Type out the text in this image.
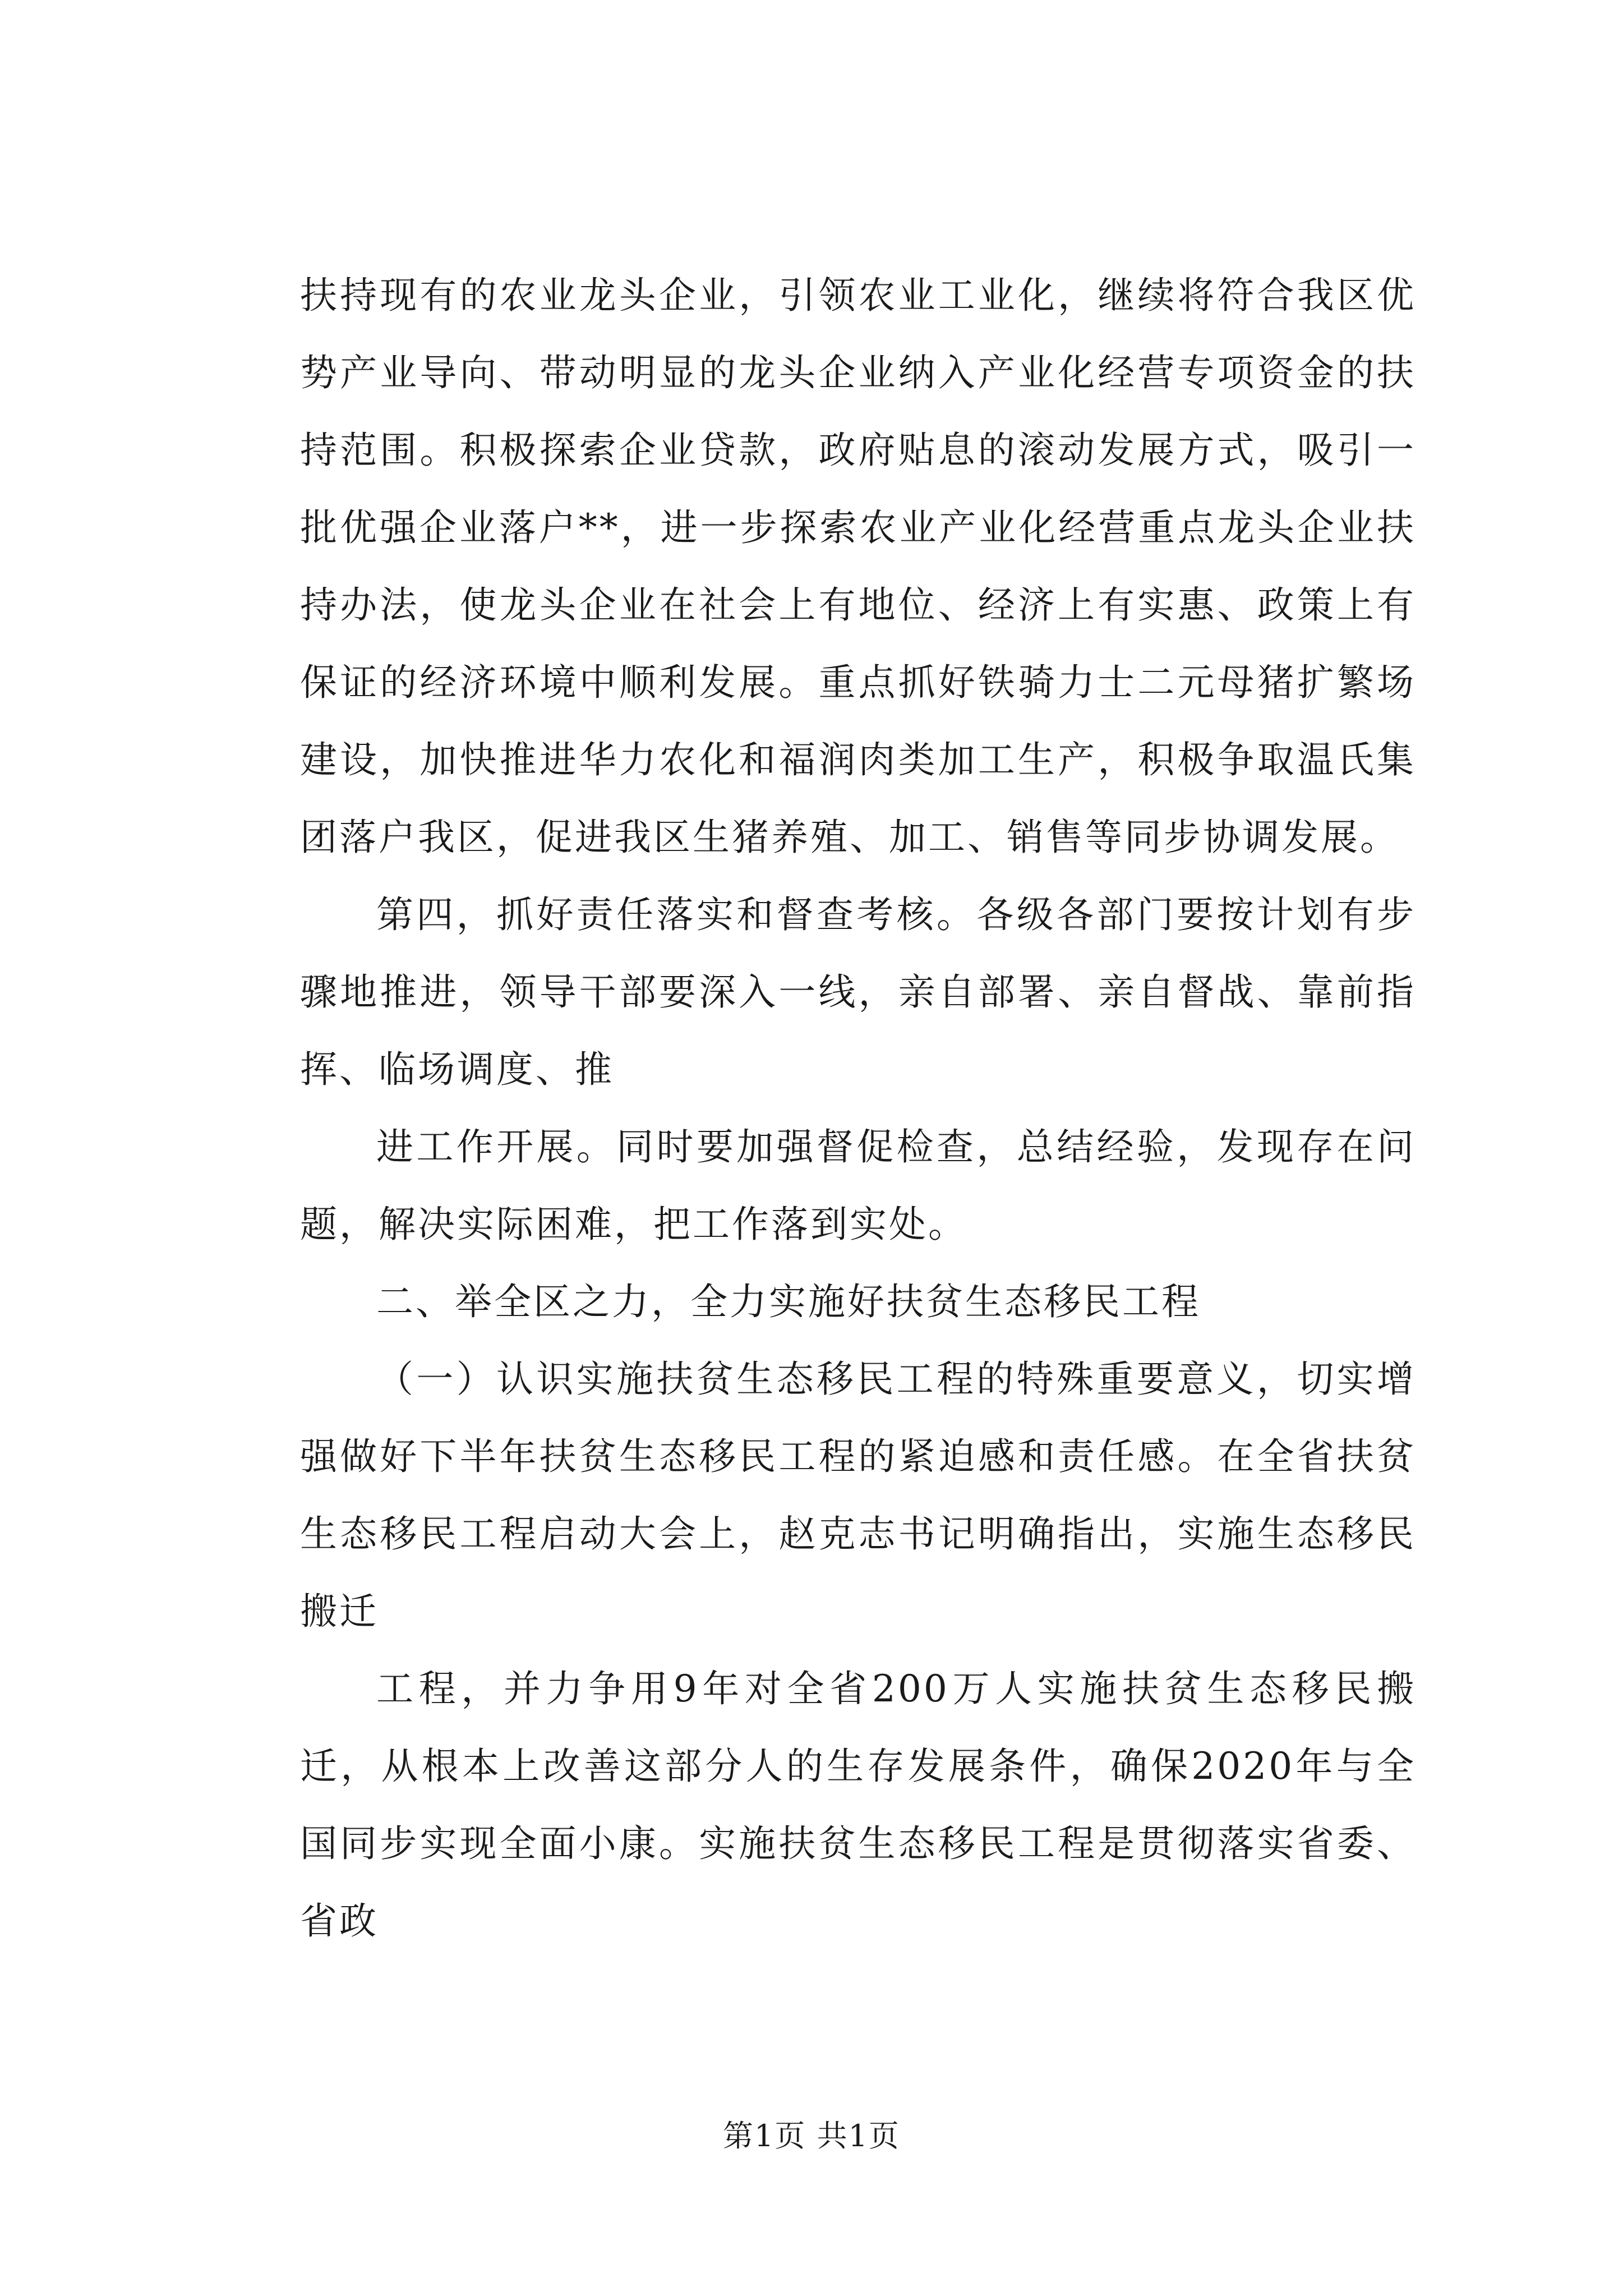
扶持现有的农业龙头企业，引领农业工业化，继续将符合我区优势产业导向、带动明显的龙头企业纳入产业化经营专项资金的扶持范围。积极探索企业贷款，政府贴息的滚动发展方式，吸引一批优强企业落户**，进一步探索农业产业化经营重点龙头企业扶持办法，使龙头企业在社会上有地位、经济上有实惠、政策上有保证的经济环境中顺利发展。重点抓好铁骑力士二元母猪扩繁场建设，加快推进华力农化和福润肉类加工生产，积极争取温氏集团落户我区，促进我区生猪养殖、加工、销售等同步协调发展。

第四，抓好责任落实和督查考核。各级各部门要按计划有步骤地推进，领导干部要深入一线，亲自部署、亲自督战、靠前指挥、临场调度、推

进工作开展。同时要加强督促检查，总结经验，发现存在问题，解决实际困难，把工作落到实处。

二、举全区之力，全力实施好扶贫生态移民工程

（一）认识实施扶贫生态移民工程的特殊重要意义，切实增强做好下半年扶贫生态移民工程的紧迫感和责任感。在全省扶贫生态移民工程启动大会上，赵克志书记明确指出，实施生态移民搬迁

工程，并力争用9年对全省200万人实施扶贫生态移民搬迁，从根本上改善这部分人的生存发展条件，确保2020年与全国同步实现全面小康。实施扶贫生态移民工程是贯彻落实省委、省政

第1页 共1页
